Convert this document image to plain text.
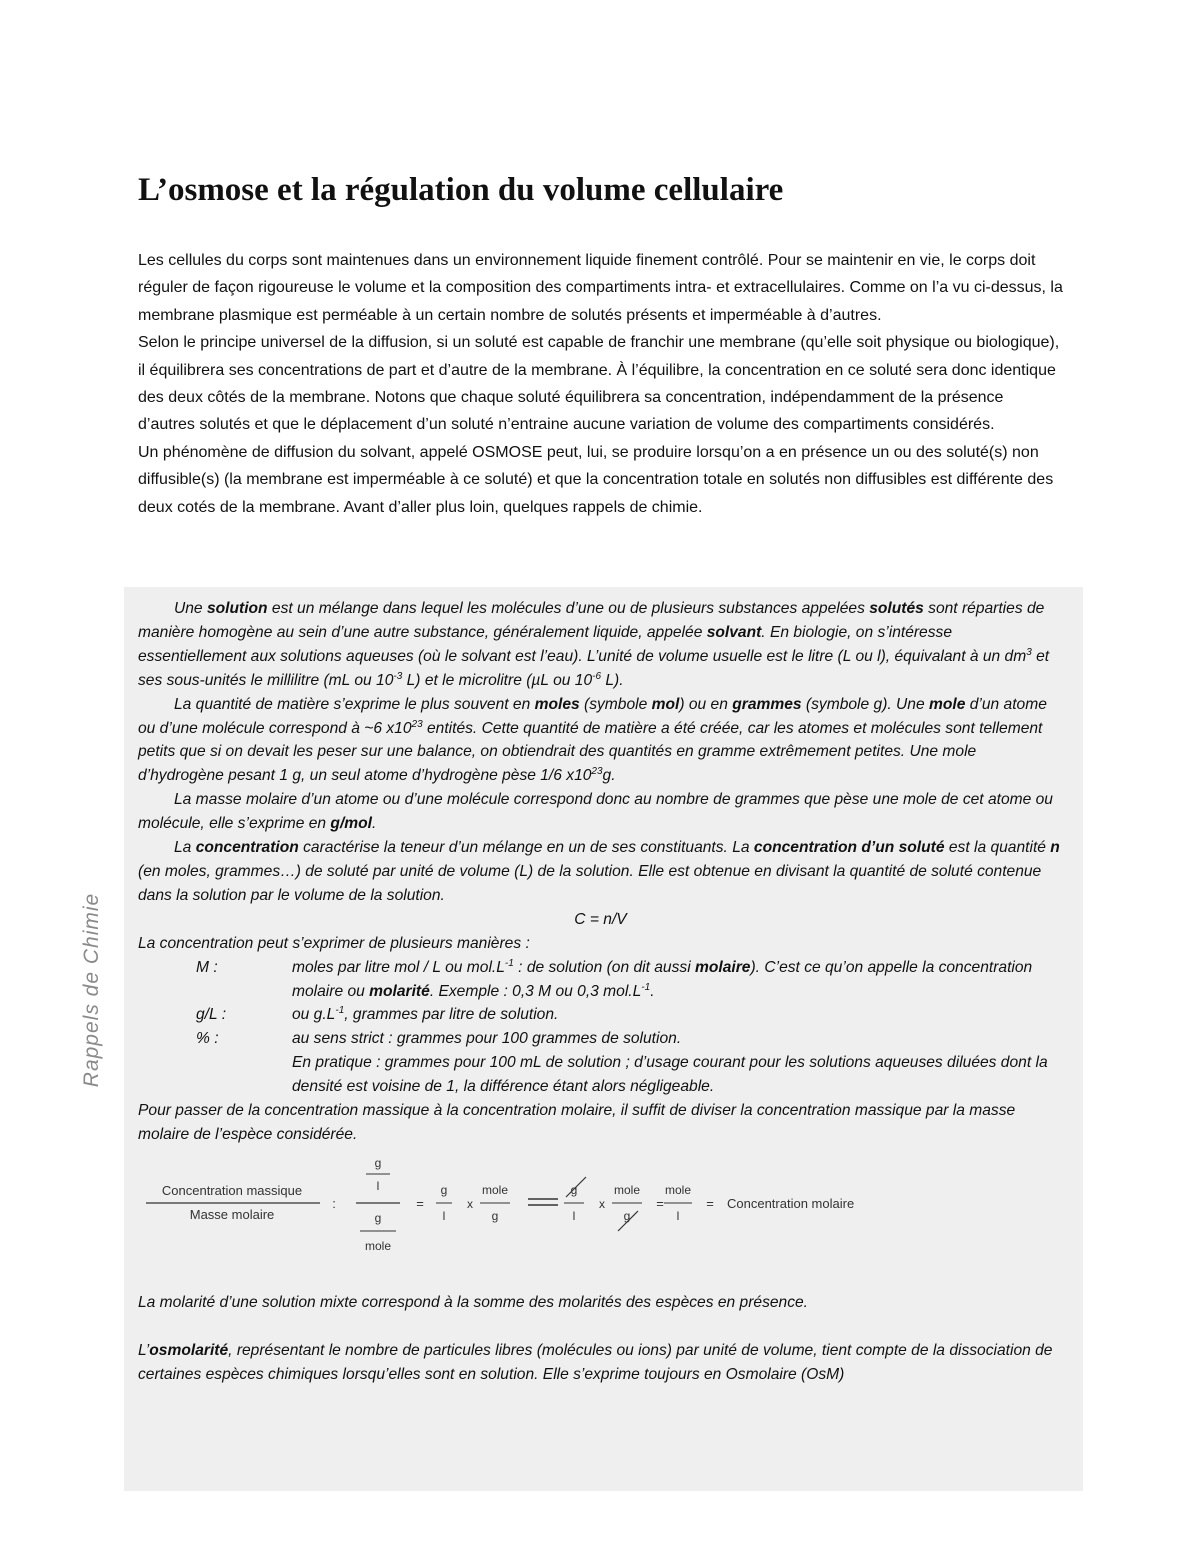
L’osmose et la régulation du volume cellulaire

Les cellules du corps sont maintenues dans un environnement liquide finement contrôlé. Pour se maintenir en vie, le corps doit réguler de façon rigoureuse le volume et la composition des compartiments intra- et extracellulaires. Comme on l’a vu ci-dessus, la membrane plasmique est perméable à un certain nombre de solutés présents et imperméable à d’autres.

Selon le principe universel de la diffusion, si un soluté est capable de franchir une membrane (qu’elle soit physique ou biologique), il équilibrera ses concentrations de part et d’autre de la membrane. À l’équilibre, la concentration en ce soluté sera donc identique des deux côtés de la membrane. Notons que chaque soluté équilibrera sa concentration, indépendamment de la présence d’autres solutés et que le déplacement d’un soluté n’entraine aucune variation de volume des compartiments considérés.

Un phénomène de diffusion du solvant, appelé OSMOSE peut, lui, se produire lorsqu’on a en présence un ou des soluté(s) non diffusible(s) (la membrane est imperméable à ce soluté) et que la concentration totale en solutés non diffusibles est différente des deux cotés de la membrane. Avant d’aller plus loin, quelques rappels de chimie.

Rappels de Chimie

Une solution est un mélange dans lequel les molécules d’une ou de plusieurs substances appelées solutés sont réparties de manière homogène au sein d’une autre substance, généralement liquide, appelée solvant. En biologie, on s’intéresse essentiellement aux solutions aqueuses (où le solvant est l’eau). L’unité de volume usuelle est le litre (L ou l), équivalant à un $dm^3$ et ses sous-unités le millilitre (mL ou $10^{-3}$ L) et le microlitre (µL ou $10^{-6}$ L).

La quantité de matière s’exprime le plus souvent en moles (symbole mol) ou en grammes (symbole g). Une mole d’un atome ou d’une molécule correspond à ~6 $x10^{23}$ entités. Cette quantité de matière a été créée, car les atomes et molécules sont tellement petits que si on devait les peser sur une balance, on obtiendrait des quantités en gramme extrêmement petites. Une mole d’hydrogène pesant 1 g, un seul atome d’hydrogène pèse 1/6 $x10^{23}g$.

La masse molaire d’un atome ou d’une molécule correspond donc au nombre de grammes que pèse une mole de cet atome ou molécule, elle s’exprime en g/mol.

La concentration caractérise la teneur d’un mélange en un de ses constituants. La concentration d’un soluté est la quantité n (en moles, grammes…) de soluté par unité de volume (L) de la solution. Elle est obtenue en divisant la quantité de soluté contenue dans la solution par le volume de la solution.

C = n/V

La concentration peut s’exprimer de plusieurs manières :

M :	moles par litre mol / L ou $mol.L^{-1}$ : de solution (on dit aussi molaire). C’est ce qu’on appelle la concentration molaire ou molarité. Exemple : 0,3 M ou 0,3 $mol.L^{-1}$.
g/L :	ou $g.L^{-1}$, grammes par litre de solution.
% :	au sens strict : grammes pour 100 grammes de solution.
En pratique : grammes pour 100 mL de solution ; d’usage courant pour les solutions aqueuses diluées dont la densité est voisine de 1, la différence étant alors négligeable.

Pour passer de la concentration massique à la concentration molaire, il suffit de diviser la concentration massique par la masse molaire de l’espèce considérée.

La molarité d’une solution mixte correspond à la somme des molarités des espèces en présence.

L’osmolarité, représentant le nombre de particules libres (molécules ou ions) par unité de volume, tient compte de la dissociation de certaines espèces chimiques lorsqu’elles sont en solution. Elle s’exprime toujours en Osmolaire (OsM)

Concentration massique
Masse molaire
:
g
l
g
mole
=
g
l
x
mole
g
g
l
x
mole
g
=
mole
l
= Concentration molaire
